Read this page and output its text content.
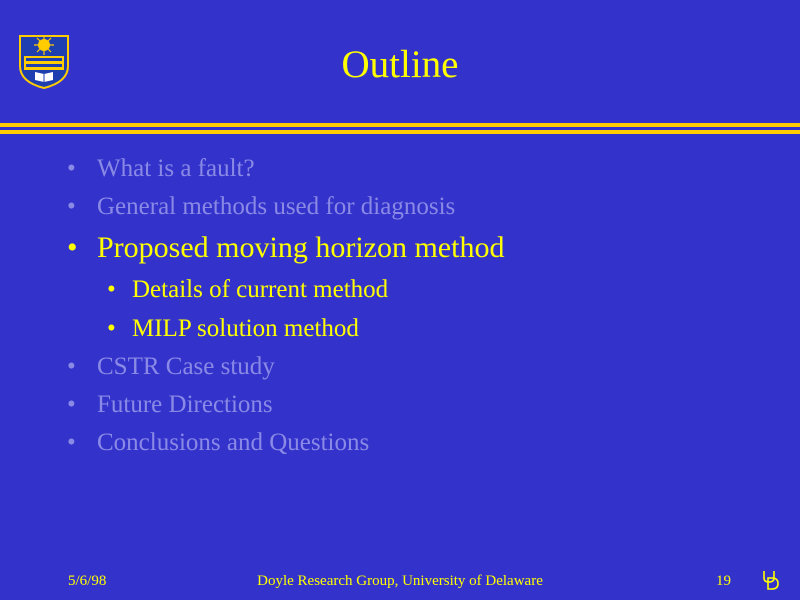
Outline
• What is a fault?
• General methods used for diagnosis
• Proposed moving horizon method
• Details of current method
• MILP solution method
• CSTR Case study
• Future Directions
• Conclusions and Questions
5/6/98	Doyle Research Group, University of Delaware	19
